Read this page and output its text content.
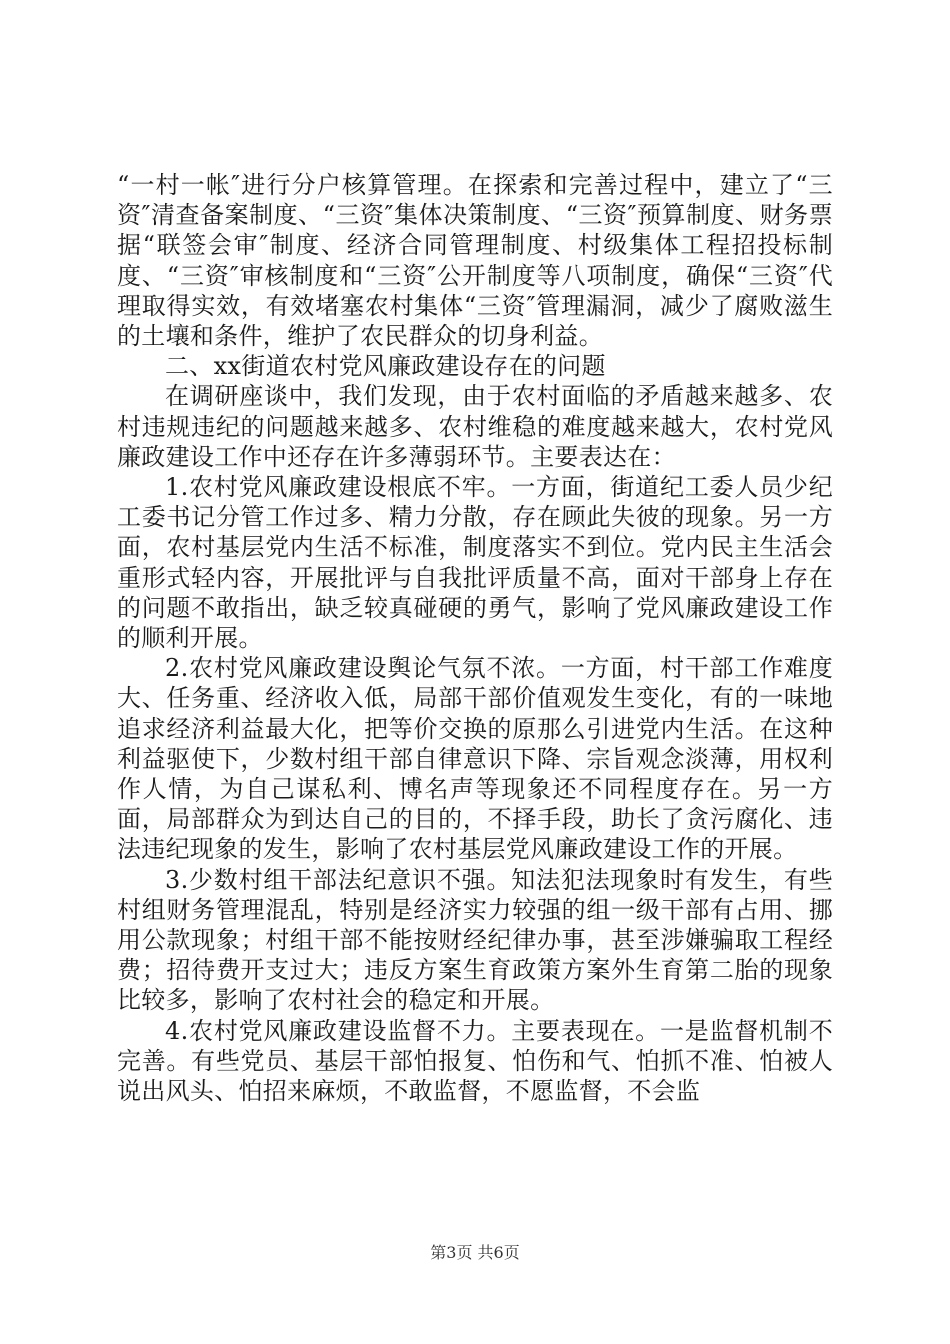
“一村一帐″进行分户核算管理。在探索和完善过程中，建立了“三资″清查备案制度、“三资″集体决策制度、“三资″预算制度、财务票据“联签会审″制度、经济合同管理制度、村级集体工程招投标制度、“三资″审核制度和“三资″公开制度等八项制度，确保“三资″代理取得实效，有效堵塞农村集体“三资″管理漏洞，减少了腐败滋生的土壤和条件，维护了农民群众的切身利益。

二、xx街道农村党风廉政建设存在的问题

在调研座谈中，我们发现，由于农村面临的矛盾越来越多、农村违规违纪的问题越来越多、农村维稳的难度越来越大，农村党风廉政建设工作中还存在许多薄弱环节。主要表达在：

1.农村党风廉政建设根底不牢。一方面，街道纪工委人员少纪工委书记分管工作过多、精力分散，存在顾此失彼的现象。另一方面，农村基层党内生活不标准，制度落实不到位。党内民主生活会重形式轻内容，开展批评与自我批评质量不高，面对干部身上存在的问题不敢指出，缺乏较真碰硬的勇气，影响了党风廉政建设工作的顺利开展。

2.农村党风廉政建设舆论气氛不浓。一方面，村干部工作难度大、任务重、经济收入低，局部干部价值观发生变化，有的一味地追求经济利益最大化，把等价交换的原那么引进党内生活。在这种利益驱使下，少数村组干部自律意识下降、宗旨观念淡薄，用权利作人情，为自己谋私利、博名声等现象还不同程度存在。另一方面，局部群众为到达自己的目的，不择手段，助长了贪污腐化、违法违纪现象的发生，影响了农村基层党风廉政建设工作的开展。

3.少数村组干部法纪意识不强。知法犯法现象时有发生，有些村组财务管理混乱，特别是经济实力较强的组一级干部有占用、挪用公款现象；村组干部不能按财经纪律办事，甚至涉嫌骗取工程经费；招待费开支过大；违反方案生育政策方案外生育第二胎的现象比较多，影响了农村社会的稳定和开展。

4.农村党风廉政建设监督不力。主要表现在。一是监督机制不完善。有些党员、基层干部怕报复、怕伤和气、怕抓不准、怕被人说出风头、怕招来麻烦，不敢监督，不愿监督，不会监

第3页 共6页
